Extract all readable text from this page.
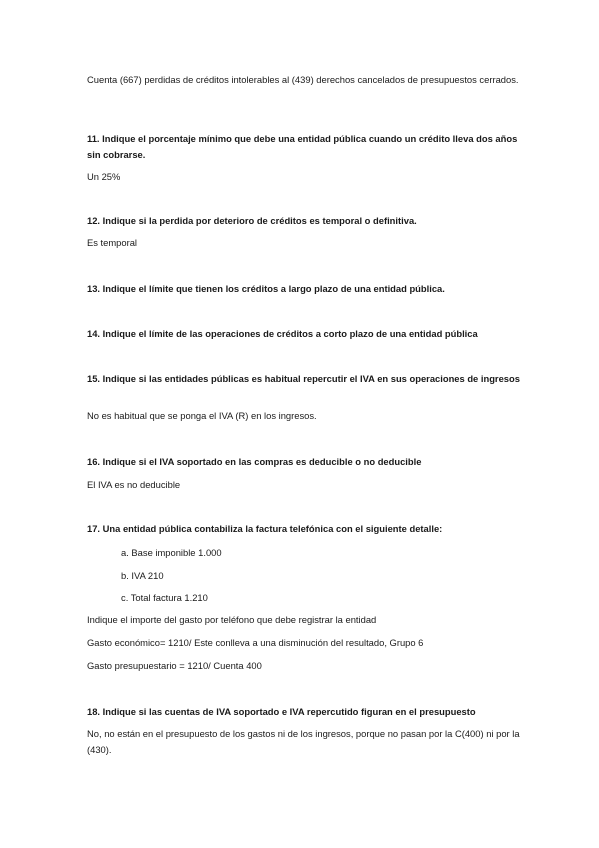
Cuenta (667) perdidas de créditos intolerables al (439) derechos cancelados de presupuestos cerrados.

11. Indique el porcentaje mínimo que debe una entidad pública cuando un crédito lleva dos años sin cobrarse.

Un 25%

12. Indique si la perdida por deterioro de créditos es temporal o definitiva.

Es temporal

13. Indique el límite que tienen los créditos a largo plazo de una entidad pública.

14. Indique el límite de las operaciones de créditos a corto plazo de una entidad pública

15. Indique si las entidades públicas es habitual repercutir el IVA en sus operaciones de ingresos

No es habitual que se ponga el IVA (R) en los ingresos.

16. Indique si el IVA soportado en las compras es deducible o no deducible

El IVA es no deducible

17. Una entidad pública contabiliza la factura telefónica con el siguiente detalle:

a. Base imponible 1.000

b. IVA 210

c. Total factura 1.210

Indique el importe del gasto por teléfono que debe registrar la entidad

Gasto económico= 1210/ Este conlleva a una disminución del resultado, Grupo 6

Gasto presupuestario = 1210/ Cuenta 400

18. Indique si las cuentas de IVA soportado e IVA repercutido figuran en el presupuesto

No, no están en el presupuesto de los gastos ni de los ingresos, porque no pasan por la C(400) ni por la (430).
